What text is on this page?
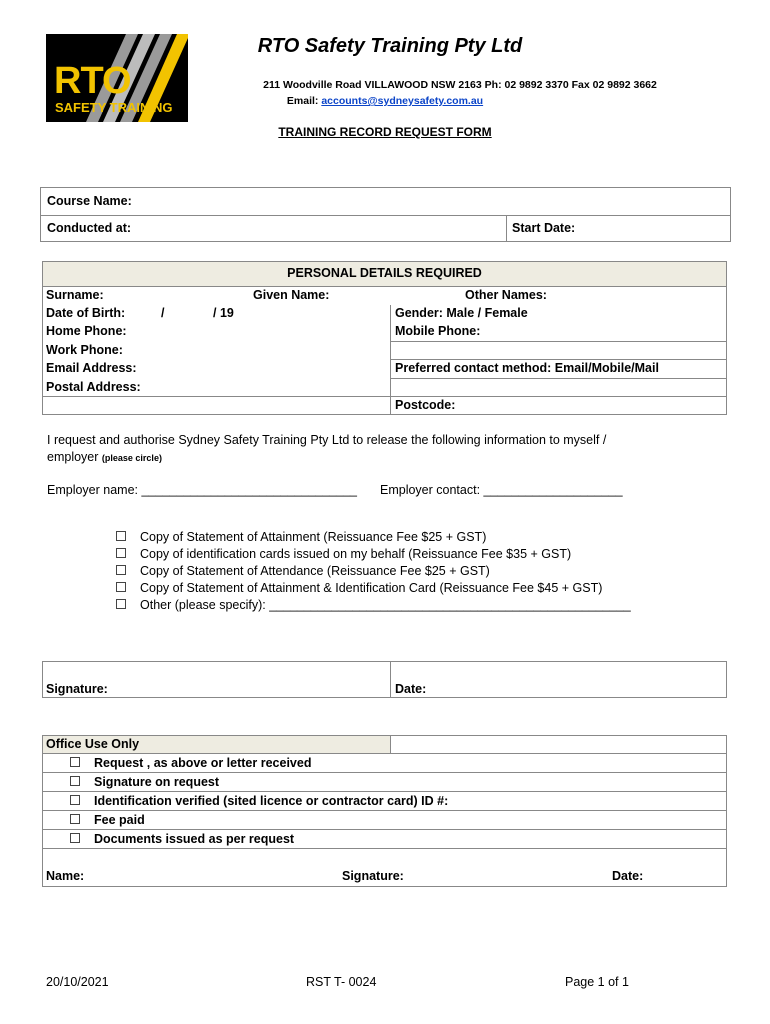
RTO
SAFETY TRAINING
RTO Safety Training Pty Ltd
211 Woodville Road VILLAWOOD NSW 2163 Ph: 02 9892 3370 Fax 02 9892 3662
Email: accounts@sydneysafety.com.au
TRAINING RECORD REQUEST FORM
Course Name:
Conducted at:	Start Date:
PERSONAL DETAILS REQUIRED
Surname:	Given Name:	Other Names:
Date of Birth:	/	/ 19	Gender: Male / Female
Home Phone:	Mobile Phone:
Work Phone:
Email Address:	Preferred contact method: Email/Mobile/Mail
Postal Address:
Postcode:
I request and authorise Sydney Safety Training Pty Ltd to release the following information to myself /
employer (please circle)
Employer name: _______________________________ Employer contact: ____________________
Copy of Statement of Attainment (Reissuance Fee $25 + GST)
Copy of identification cards issued on my behalf (Reissuance Fee $35 + GST)
Copy of Statement of Attendance (Reissuance Fee $25 + GST)
Copy of Statement of Attainment & Identification Card (Reissuance Fee $45 + GST)
Other (please specify): ____________________________________________________
Signature:	Date:
Office Use Only
Request , as above or letter received
Signature on request
Identification verified (sited licence or contractor card) ID #:
Fee paid
Documents issued as per request
Name:	Signature:	Date:
20/10/2021	RST T- 0024	Page 1 of 1
